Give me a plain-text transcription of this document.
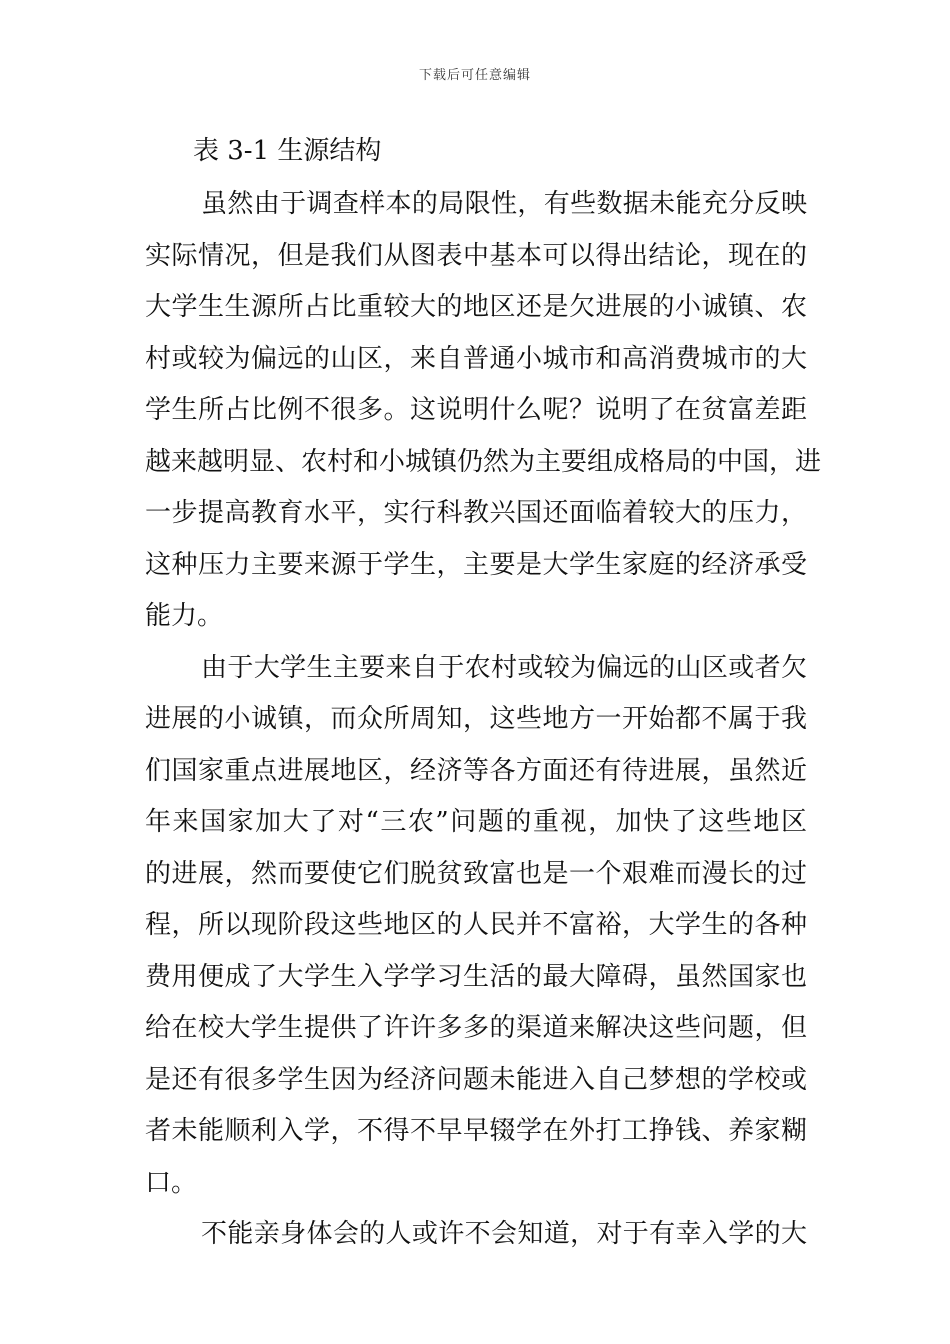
下载后可任意编辑
表 3-1 生源结构
虽然由于调查样本的局限性，有些数据未能充分反映
实际情况，但是我们从图表中基本可以得出结论，现在的
大学生生源所占比重较大的地区还是欠进展的小诚镇、农
村或较为偏远的山区，来自普通小城市和高消费城市的大
学生所占比例不很多。这说明什么呢？说明了在贫富差距
越来越明显、农村和小城镇仍然为主要组成格局的中国，进
一步提高教育水平，实行科教兴国还面临着较大的压力，
这种压力主要来源于学生，主要是大学生家庭的经济承受
能力。
由于大学生主要来自于农村或较为偏远的山区或者欠
进展的小诚镇，而众所周知，这些地方一开始都不属于我
们国家重点进展地区，经济等各方面还有待进展，虽然近
年来国家加大了对“三农”问题的重视，加快了这些地区
的进展，然而要使它们脱贫致富也是一个艰难而漫长的过
程，所以现阶段这些地区的人民并不富裕，大学生的各种
费用便成了大学生入学学习生活的最大障碍，虽然国家也
给在校大学生提供了许许多多的渠道来解决这些问题，但
是还有很多学生因为经济问题未能进入自己梦想的学校或
者未能顺利入学，不得不早早辍学在外打工挣钱、养家糊
口。
不能亲身体会的人或许不会知道，对于有幸入学的大
